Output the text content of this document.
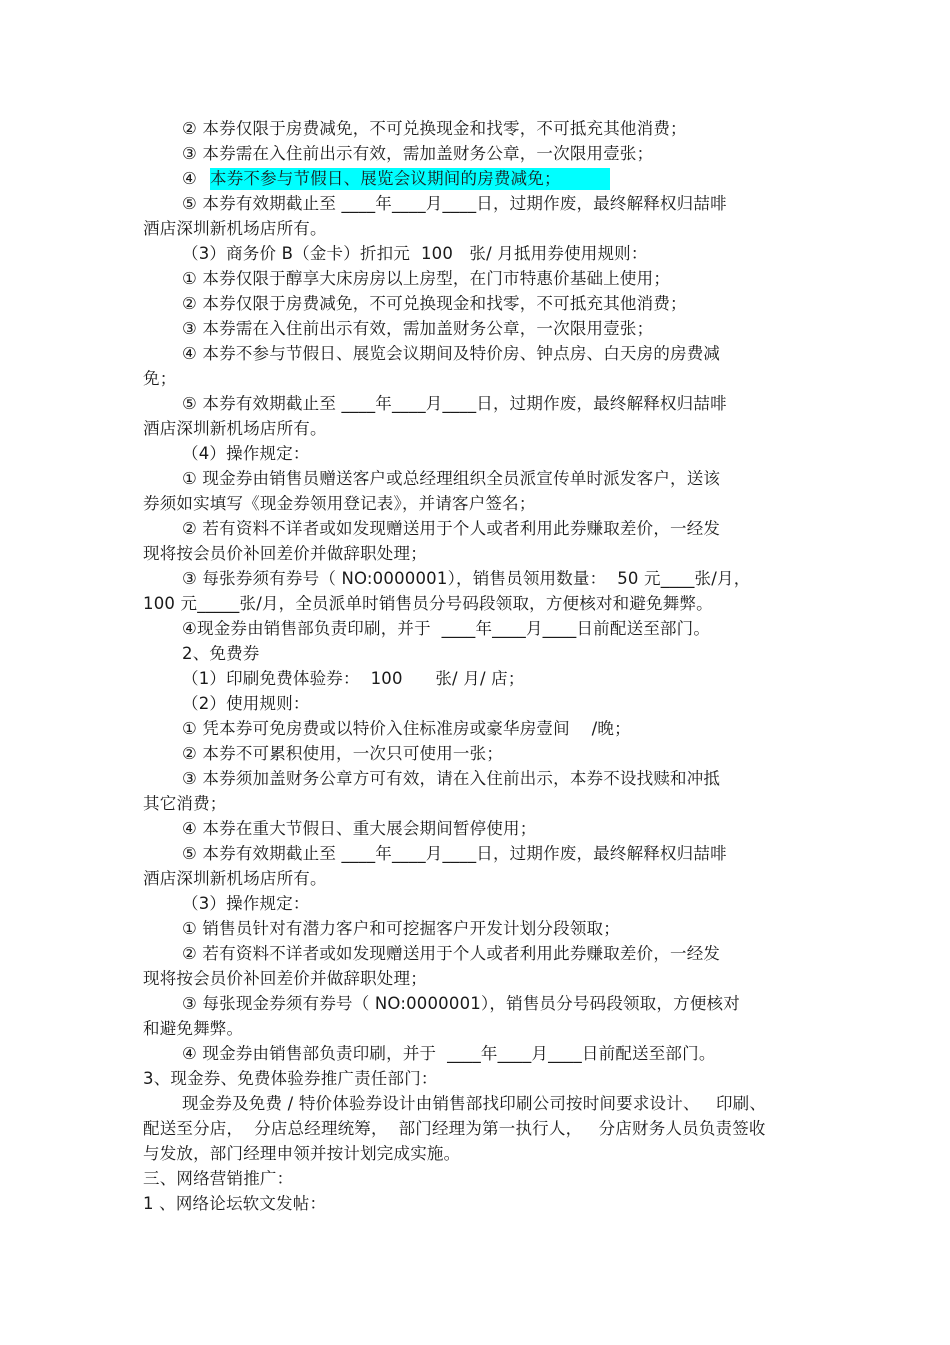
② 本券仅限于房费减免，不可兑换现金和找零，不可抵充其他消费；
③ 本券需在入住前出示有效，需加盖财务公章，一次限用壹张；
④ 本券不参与节假日、展览会议期间的房费减免；
⑤ 本券有效期截止至 ____年____月____日，过期作废，最终解释权归喆啡
酒店深圳新机场店所有。
（3）商务价 B（金卡）折扣元  100   张/ 月抵用券使用规则：
① 本券仅限于醇享大床房房以上房型，在门市特惠价基础上使用；
② 本券仅限于房费减免，不可兑换现金和找零，不可抵充其他消费；
③ 本券需在入住前出示有效，需加盖财务公章，一次限用壹张；
④ 本券不参与节假日、展览会议期间及特价房、钟点房、白天房的房费减
免；
⑤ 本券有效期截止至 ____年____月____日，过期作废，最终解释权归喆啡
酒店深圳新机场店所有。
（4）操作规定：
① 现金券由销售员赠送客户或总经理组织全员派宣传单时派发客户，送该
券须如实填写《现金券领用登记表》，并请客户签名；
② 若有资料不详者或如发现赠送用于个人或者利用此券赚取差价，一经发
现将按会员价补回差价并做辞职处理；
③ 每张券须有券号（ NO:0000001），销售员领用数量：  50 元____张/月，
100 元_____张/月，全员派单时销售员分号码段领取，方便核对和避免舞弊。
④现金券由销售部负责印刷，并于  ____年____月____日前配送至部门。
2、免费券
（1）印刷免费体验券：  100      张/ 月/ 店；
（2）使用规则：
① 凭本券可免房费或以特价入住标准房或豪华房壹间    /晚；
② 本券不可累积使用，一次只可使用一张；
③ 本券须加盖财务公章方可有效，请在入住前出示，本券不设找赎和冲抵
其它消费；
④ 本券在重大节假日、重大展会期间暂停使用；
⑤ 本券有效期截止至 ____年____月____日，过期作废，最终解释权归喆啡
酒店深圳新机场店所有。
（3）操作规定：
① 销售员针对有潜力客户和可挖掘客户开发计划分段领取；
② 若有资料不详者或如发现赠送用于个人或者利用此券赚取差价，一经发
现将按会员价补回差价并做辞职处理；
③ 每张现金券须有券号（ NO:0000001），销售员分号码段领取，方便核对
和避免舞弊。
④ 现金券由销售部负责印刷，并于  ____年____月____日前配送至部门。
3、现金券、免费体验券推广责任部门：
现金券及免费 / 特价体验券设计由销售部找印刷公司按时间要求设计、   印刷、
配送至分店，  分店总经理统筹，  部门经理为第一执行人，   分店财务人员负责签收
与发放，部门经理申领并按计划完成实施。
三、网络营销推广：
1 、网络论坛软文发帖：
